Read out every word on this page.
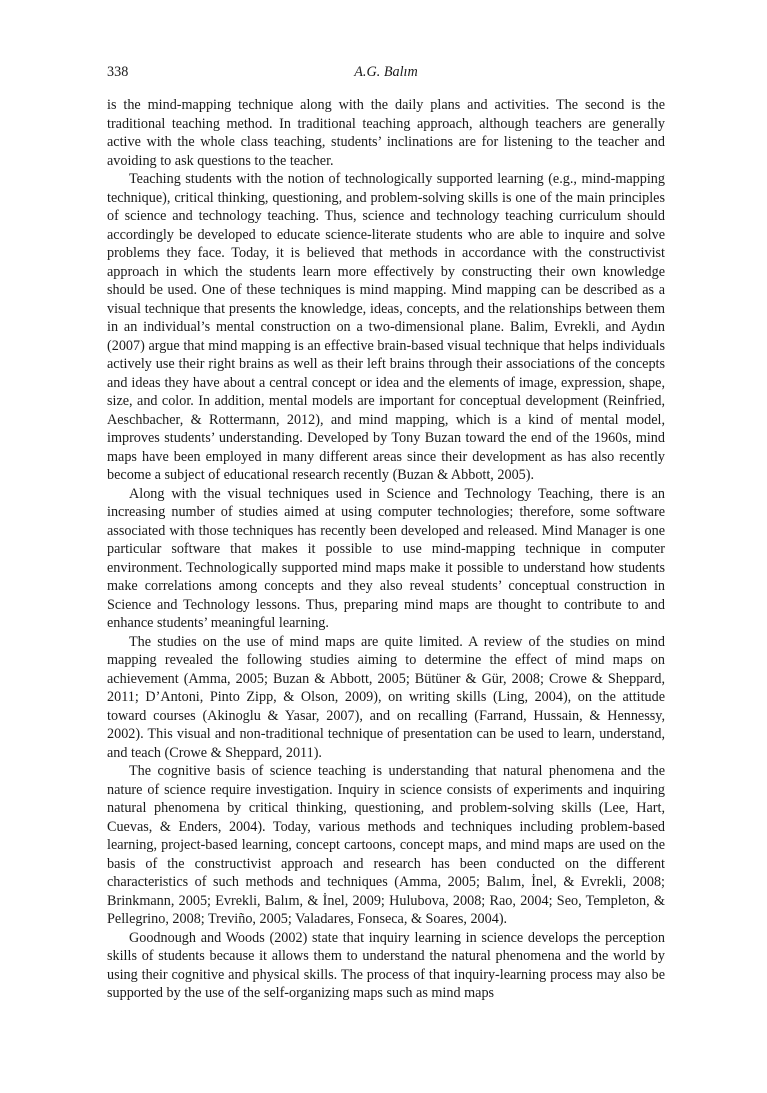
338	A.G. Balım

is the mind-mapping technique along with the daily plans and activities. The second is the traditional teaching method. In traditional teaching approach, although teachers are generally active with the whole class teaching, students’ inclinations are for listening to the teacher and avoiding to ask questions to the teacher.

Teaching students with the notion of technologically supported learning (e.g., mind-mapping technique), critical thinking, questioning, and problem-solving skills is one of the main principles of science and technology teaching. Thus, science and technology teaching curriculum should accordingly be developed to educate science-literate students who are able to inquire and solve problems they face. Today, it is believed that methods in accordance with the constructivist approach in which the students learn more effectively by constructing their own knowledge should be used. One of these techniques is mind mapping. Mind mapping can be described as a visual technique that presents the knowledge, ideas, concepts, and the relationships between them in an individual’s mental construction on a two-dimensional plane. Balim, Evrekli, and Aydın (2007) argue that mind mapping is an effective brain-based visual technique that helps individuals actively use their right brains as well as their left brains through their associations of the concepts and ideas they have about a central concept or idea and the elements of image, expression, shape, size, and color. In addition, mental models are important for conceptual development (Reinfried, Aeschbacher, & Rottermann, 2012), and mind mapping, which is a kind of mental model, improves students’ understanding. Developed by Tony Buzan toward the end of the 1960s, mind maps have been employed in many different areas since their development as has also recently become a subject of educational research recently (Buzan & Abbott, 2005).

Along with the visual techniques used in Science and Technology Teaching, there is an increasing number of studies aimed at using computer technologies; therefore, some software associated with those techniques has recently been developed and released. Mind Manager is one particular software that makes it possible to use mind-mapping technique in computer environment. Technologically supported mind maps make it possible to understand how students make correlations among concepts and they also reveal students’ conceptual construction in Science and Technology lessons. Thus, preparing mind maps are thought to contribute to and enhance students’ meaningful learning.

The studies on the use of mind maps are quite limited. A review of the studies on mind mapping revealed the following studies aiming to determine the effect of mind maps on achievement (Amma, 2005; Buzan & Abbott, 2005; Bütüner & Gür, 2008; Crowe & Sheppard, 2011; D’Antoni, Pinto Zipp, & Olson, 2009), on writing skills (Ling, 2004), on the attitude toward courses (Akinoglu & Yasar, 2007), and on recalling (Farrand, Hussain, & Hennessy, 2002). This visual and non-traditional technique of presentation can be used to learn, understand, and teach (Crowe & Sheppard, 2011).

The cognitive basis of science teaching is understanding that natural phenomena and the nature of science require investigation. Inquiry in science consists of experiments and inquiring natural phenomena by critical thinking, questioning, and problem-solving skills (Lee, Hart, Cuevas, & Enders, 2004). Today, various methods and techniques including problem-based learning, project-based learning, concept cartoons, concept maps, and mind maps are used on the basis of the constructivist approach and research has been conducted on the different characteristics of such methods and techniques (Amma, 2005; Balım, İnel, & Evrekli, 2008; Brinkmann, 2005; Evrekli, Balım, & İnel, 2009; Hulubova, 2008; Rao, 2004; Seo, Templeton, & Pellegrino, 2008; Treviño, 2005; Valadares, Fonseca, & Soares, 2004).

Goodnough and Woods (2002) state that inquiry learning in science develops the perception skills of students because it allows them to understand the natural phenomena and the world by using their cognitive and physical skills. The process of that inquiry-learning process may also be supported by the use of the self-organizing maps such as mind maps
